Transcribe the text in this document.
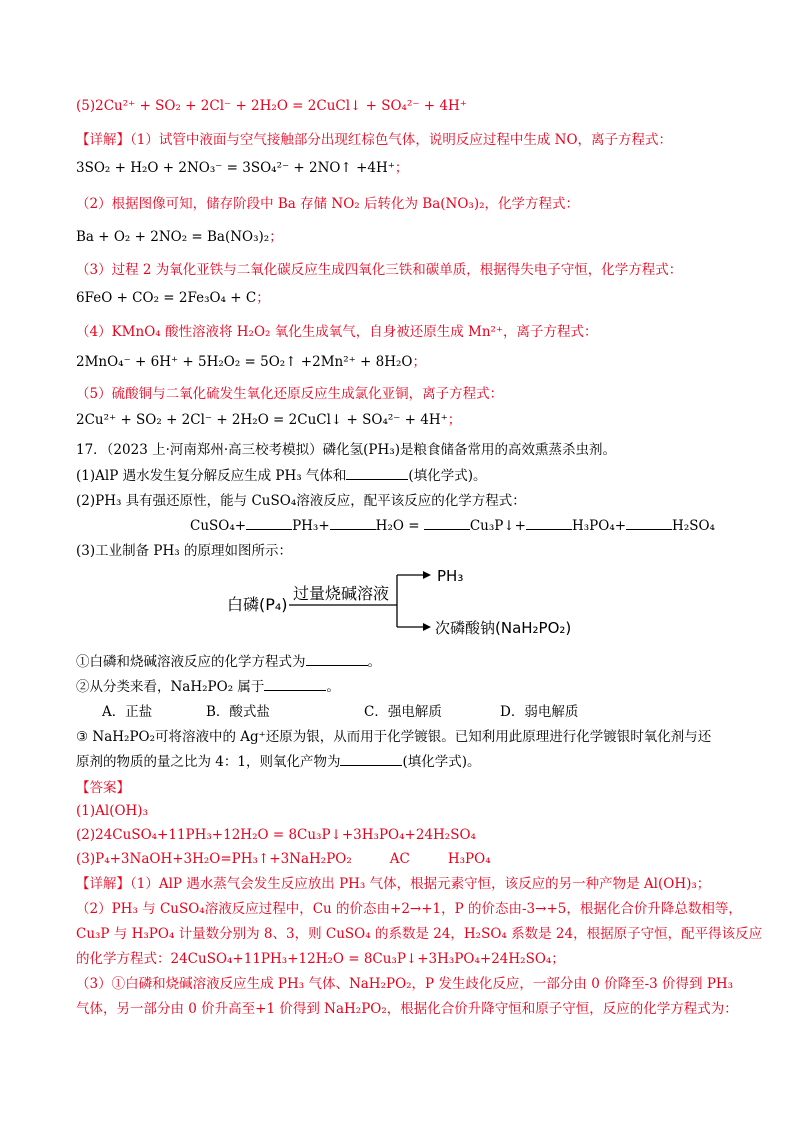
(5)2Cu²⁺ + SO₂ + 2Cl⁻ + 2H₂O = 2CuCl↓ + SO₄²⁻ + 4H⁺
【详解】（1）试管中液面与空气接触部分出现红棕色气体，说明反应过程中生成 NO，离子方程式：
3SO₂ + H₂O + 2NO₃⁻ = 3SO₄²⁻ + 2NO↑ +4H⁺；
（2）根据图像可知，储存阶段中 Ba 存储 NO₂ 后转化为 Ba(NO₃)₂，化学方程式：
Ba + O₂ + 2NO₂ = Ba(NO₃)₂；
（3）过程 2 为氧化亚铁与二氧化碳反应生成四氧化三铁和碳单质，根据得失电子守恒，化学方程式：
6FeO + CO₂ = 2Fe₃O₄ + C；
（4）KMnO₄ 酸性溶液将 H₂O₂ 氧化生成氧气，自身被还原生成 Mn²⁺，离子方程式：
2MnO₄⁻ + 6H⁺ + 5H₂O₂ = 5O₂↑ +2Mn²⁺ + 8H₂O；
（5）硫酸铜与二氧化硫发生氧化还原反应生成氯化亚铜，离子方程式：
2Cu²⁺ + SO₂ + 2Cl⁻ + 2H₂O = 2CuCl↓ + SO₄²⁻ + 4H⁺；
17．（2023 上·河南郑州·高三校考模拟）磷化氢(PH₃)是粮食储备常用的高效熏蒸杀虫剂。
(1)AlP 遇水发生复分解反应生成 PH₃ 气体和	(填化学式)。
(2)PH₃ 具有强还原性，能与 CuSO₄溶液反应，配平该反应的化学方程式：
CuSO₄+	PH₃+	H₂O =	Cu₃P↓+	H₃PO₄+	H₂SO₄
(3)工业制备 PH₃ 的原理如图所示：
白磷(P₄)
过量烧碱溶液
PH₃
次磷酸钠(NaH₂PO₂)
①白磷和烧碱溶液反应的化学方程式为	。
②从分类来看，NaH₂PO₂ 属于	。
A．正盐	B．酸式盐	C．强电解质	D．弱电解质
③ NaH₂PO₂可将溶液中的 Ag⁺还原为银，从而用于化学镀银。已知利用此原理进行化学镀银时氧化剂与还
原剂的物质的量之比为 4：1，则氧化产物为	(填化学式)。
【答案】
(1)Al(OH)₃
(2)24CuSO₄+11PH₃+12H₂O = 8Cu₃P↓+3H₃PO₄+24H₂SO₄
(3)P₄+3NaOH+3H₂O=PH₃↑+3NaH₂PO₂	AC	H₃PO₄
【详解】（1）AlP 遇水蒸气会发生反应放出 PH₃ 气体，根据元素守恒，该反应的另一种产物是 Al(OH)₃；
（2）PH₃ 与 CuSO₄溶液反应过程中，Cu 的价态由+2→+1，P 的价态由-3→+5，根据化合价升降总数相等，
Cu₃P 与 H₃PO₄ 计量数分别为 8、3，则 CuSO₄ 的系数是 24，H₂SO₄ 系数是 24，根据原子守恒，配平得该反应
的化学方程式：24CuSO₄+11PH₃+12H₂O = 8Cu₃P↓+3H₃PO₄+24H₂SO₄；
（3）①白磷和烧碱溶液反应生成 PH₃ 气体、NaH₂PO₂，P 发生歧化反应，一部分由 0 价降至-3 价得到 PH₃
气体，另一部分由 0 价升高至+1 价得到 NaH₂PO₂，根据化合价升降守恒和原子守恒，反应的化学方程式为：
